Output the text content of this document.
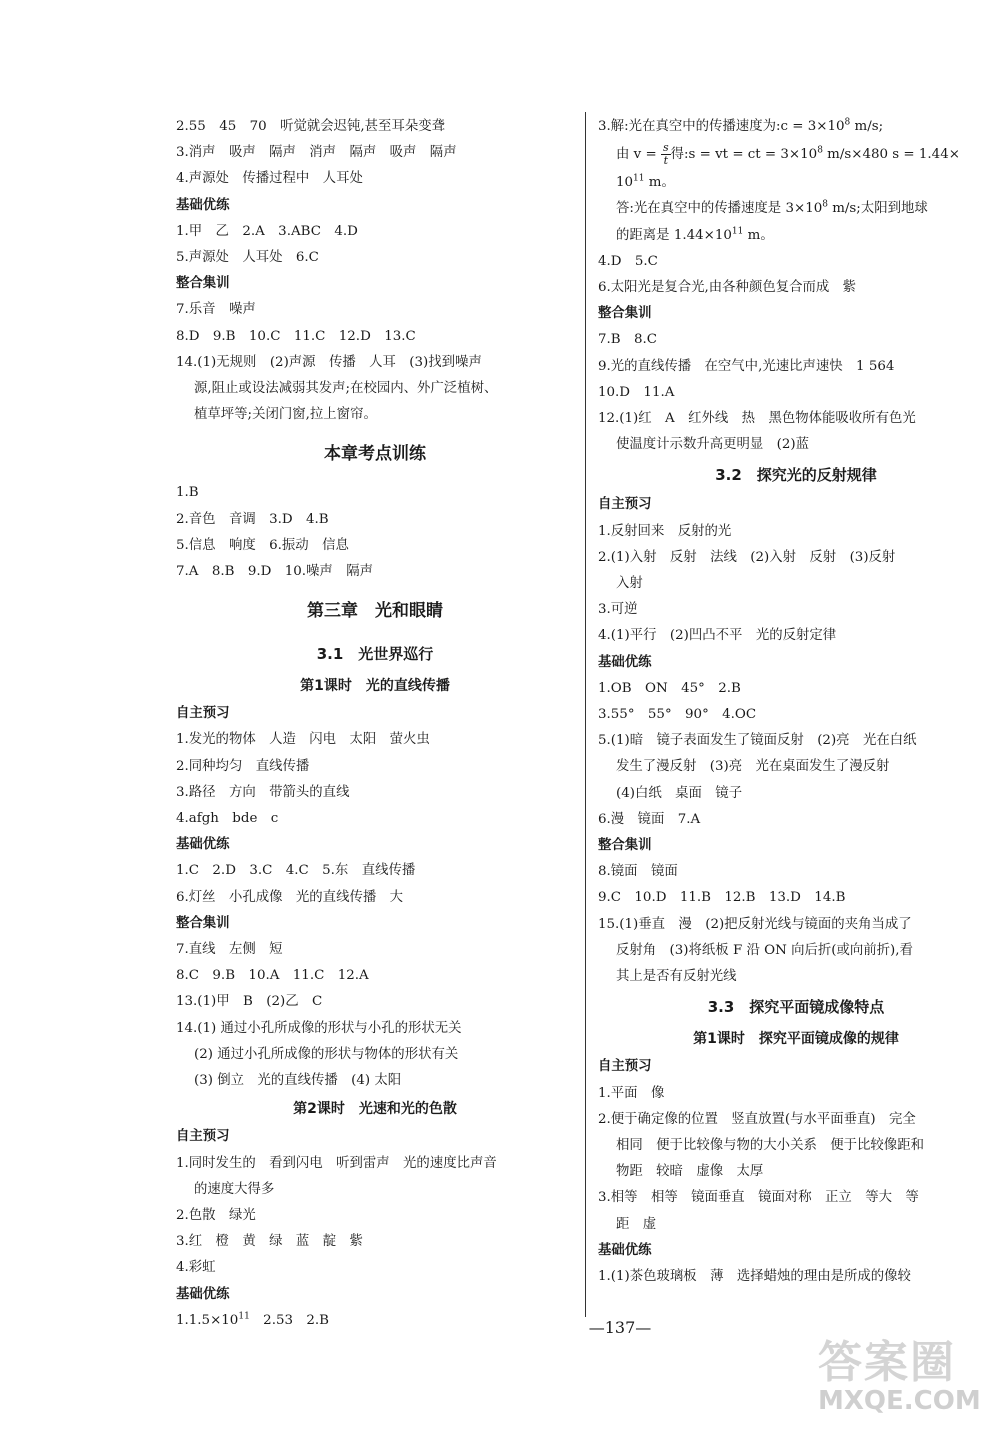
2.55　45　70　听觉就会迟钝,甚至耳朵变聋
3.消声　吸声　隔声　消声　隔声　吸声　隔声
4.声源处　传播过程中　人耳处
基础优练
1.甲　乙　2.A　3.ABC　4.D
5.声源处　人耳处　6.C
整合集训
7.乐音　噪声
8.D　9.B　10.C　11.C　12.D　13.C
14.(1)无规则　(2)声源　传播　人耳　(3)找到噪声
源,阻止或设法减弱其发声;在校园内、外广泛植树、
植草坪等;关闭门窗,拉上窗帘。
本章考点训练
1.B
2.音色　音调　3.D　4.B
5.信息　响度　6.振动　信息
7.A　8.B　9.D　10.噪声　隔声
第三章　光和眼睛
3.1　光世界巡行
第1课时　光的直线传播
自主预习
1.发光的物体　人造　闪电　太阳　萤火虫
2.同种均匀　直线传播
3.路径　方向　带箭头的直线
4.afgh　bde　c
基础优练
1.C　2.D　3.C　4.C　5.东　直线传播
6.灯丝　小孔成像　光的直线传播　大
整合集训
7.直线　左侧　短
8.C　9.B　10.A　11.C　12.A
13.(1)甲　B　(2)乙　C
14.(1) 通过小孔所成像的形状与小孔的形状无关
(2) 通过小孔所成像的形状与物体的形状有关
(3) 倒立　光的直线传播　(4) 太阳
第2课时　光速和光的色散
自主预习
1.同时发生的　看到闪电　听到雷声　光的速度比声音
的速度大得多
2.色散　绿光
3.红　橙　黄　绿　蓝　靛　紫
4.彩虹
基础优练
$1.1.5\times 10^{11}$　2.53　2.B
3.解:光在真空中的传播速度为:c = $3\times 10^8$ m/s;
由 $v = \frac{s}{t}$ 得:s = vt = ct = $3\times 10^8$ m/s×480 s = 1.44×
$10^{11}$ m。
答:光在真空中的传播速度是 $3\times 10^8$ m/s;太阳到地球
的距离是 $1.44\times 10^{11}$ m。
4.D　5.C
6.太阳光是复合光,由各种颜色复合而成　紫
整合集训
7.B　8.C
9.光的直线传播　在空气中,光速比声速快　1 564
10.D　11.A
12.(1)红　A　红外线　热　黑色物体能吸收所有色光
使温度计示数升高更明显　(2)蓝
3.2　探究光的反射规律
自主预习
1.反射回来　反射的光
2.(1)入射　反射　法线　(2)入射　反射　(3)反射
入射
3.可逆
4.(1)平行　(2)凹凸不平　光的反射定律
基础优练
1.OB　ON　45°　2.B
3.55°　55°　90°　4.OC
5.(1)暗　镜子表面发生了镜面反射　(2)亮　光在白纸
发生了漫反射　(3)亮　光在桌面发生了漫反射
(4)白纸　桌面　镜子
6.漫　镜面　7.A
整合集训
8.镜面　镜面
9.C　10.D　11.B　12.B　13.D　14.B
15.(1)垂直　漫　(2)把反射光线与镜面的夹角当成了
反射角　(3)将纸板 F 沿 ON 向后折(或向前折),看
其上是否有反射光线
3.3　探究平面镜成像特点
第1课时　探究平面镜成像的规律
自主预习
1.平面　像
2.便于确定像的位置　竖直放置(与水平面垂直)　完全
相同　便于比较像与物的大小关系　便于比较像距和
物距　较暗　虚像　太厚
3.相等　相等　镜面垂直　镜面对称　正立　等大　等
距　虚
基础优练
1.(1)茶色玻璃板　薄　选择蜡烛的理由是所成的像较
—137—
答案圈
MXQE.COM
